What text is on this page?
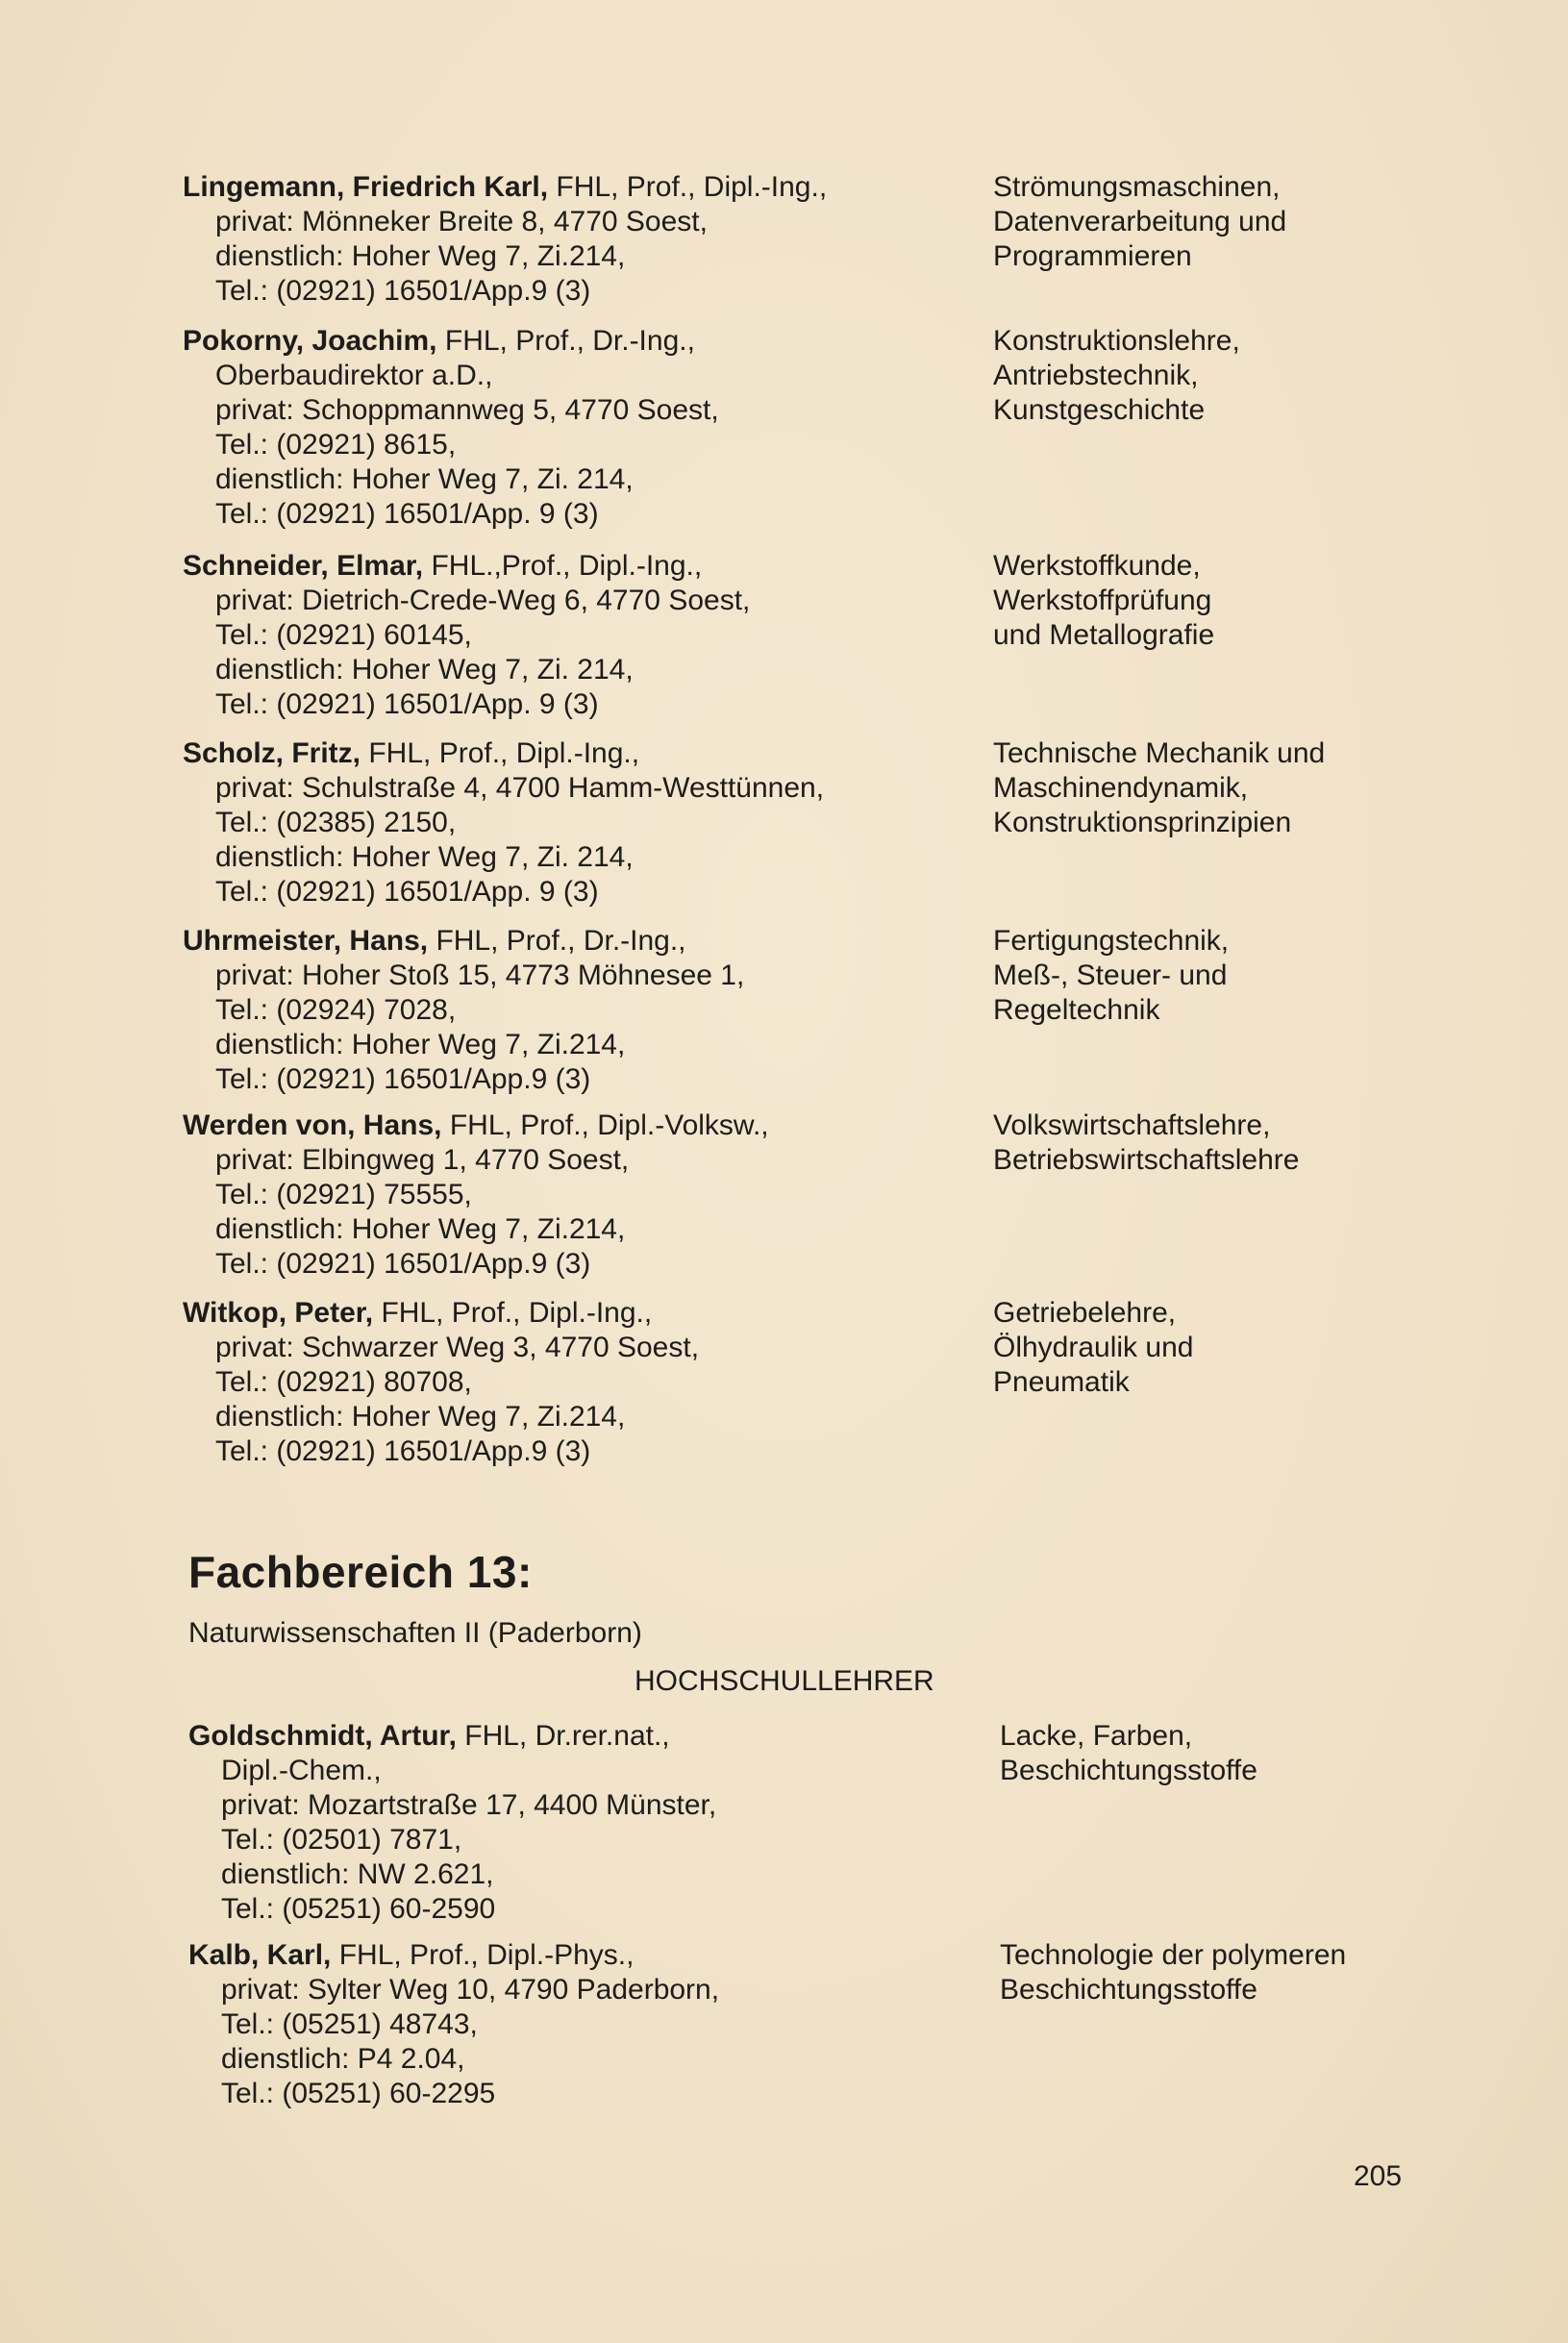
Lingemann, Friedrich Karl, FHL, Prof., Dipl.-Ing.,
privat: Mönneker Breite 8, 4770 Soest,
dienstlich: Hoher Weg 7, Zi.214,
Tel.: (02921) 16501/App.9 (3)
Strömungsmaschinen,
Datenverarbeitung und
Programmieren
Pokorny, Joachim, FHL, Prof., Dr.-Ing.,
Oberbaudirektor a.D.,
privat: Schoppmannweg 5, 4770 Soest,
Tel.: (02921) 8615,
dienstlich: Hoher Weg 7, Zi. 214,
Tel.: (02921) 16501/App. 9 (3)
Konstruktionslehre,
Antriebstechnik,
Kunstgeschichte
Schneider, Elmar, FHL.,Prof., Dipl.-Ing.,
privat: Dietrich-Crede-Weg 6, 4770 Soest,
Tel.: (02921) 60145,
dienstlich: Hoher Weg 7, Zi. 214,
Tel.: (02921) 16501/App. 9 (3)
Werkstoffkunde,
Werkstoffprüfung
und Metallografie
Scholz, Fritz, FHL, Prof., Dipl.-Ing.,
privat: Schulstraße 4, 4700 Hamm-Westtünnen,
Tel.: (02385) 2150,
dienstlich: Hoher Weg 7, Zi. 214,
Tel.: (02921) 16501/App. 9 (3)
Technische Mechanik und
Maschinendynamik,
Konstruktionsprinzipien
Uhrmeister, Hans, FHL, Prof., Dr.-Ing.,
privat: Hoher Stoß 15, 4773 Möhnesee 1,
Tel.: (02924) 7028,
dienstlich: Hoher Weg 7, Zi.214,
Tel.: (02921) 16501/App.9 (3)
Fertigungstechnik,
Meß-, Steuer- und
Regeltechnik
Werden von, Hans, FHL, Prof., Dipl.-Volksw.,
privat: Elbingweg 1, 4770 Soest,
Tel.: (02921) 75555,
dienstlich: Hoher Weg 7, Zi.214,
Tel.: (02921) 16501/App.9 (3)
Volkswirtschaftslehre,
Betriebswirtschaftslehre
Witkop, Peter, FHL, Prof., Dipl.-Ing.,
privat: Schwarzer Weg 3, 4770 Soest,
Tel.: (02921) 80708,
dienstlich: Hoher Weg 7, Zi.214,
Tel.: (02921) 16501/App.9 (3)
Getriebelehre,
Ölhydraulik und
Pneumatik
Fachbereich 13:
Naturwissenschaften II (Paderborn)
HOCHSCHULLEHRER
Goldschmidt, Artur, FHL, Dr.rer.nat.,
Dipl.-Chem.,
privat: Mozartstraße 17, 4400 Münster,
Tel.: (02501) 7871,
dienstlich: NW 2.621,
Tel.: (05251) 60-2590
Lacke, Farben,
Beschichtungsstoffe
Kalb, Karl, FHL, Prof., Dipl.-Phys.,
privat: Sylter Weg 10, 4790 Paderborn,
Tel.: (05251) 48743,
dienstlich: P4 2.04,
Tel.: (05251) 60-2295
Technologie der polymeren
Beschichtungsstoffe
205
